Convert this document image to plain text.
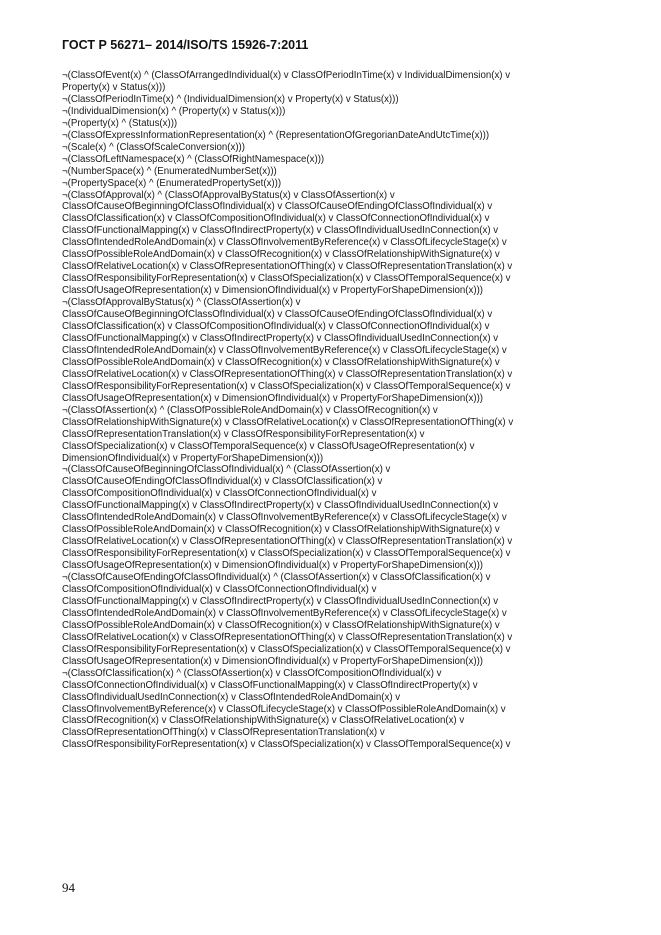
ГОСТ Р 56271– 2014/ISO/TS 15926-7:2011
¬(ClassOfEvent(x) ^ (ClassOfArrangedIndividual(x) v ClassOfPeriodInTime(x) v IndividualDimension(x) v
Property(x) v Status(x)))
¬(ClassOfPeriodInTime(x) ^ (IndividualDimension(x) v Property(x) v Status(x)))
¬(IndividualDimension(x) ^ (Property(x) v Status(x)))
¬(Property(x) ^ (Status(x)))
¬(ClassOfExpressInformationRepresentation(x) ^ (RepresentationOfGregorianDateAndUtcTime(x)))
¬(Scale(x) ^ (ClassOfScaleConversion(x)))
¬(ClassOfLeftNamespace(x) ^ (ClassOfRightNamespace(x)))
¬(NumberSpace(x) ^ (EnumeratedNumberSet(x)))
¬(PropertySpace(x) ^ (EnumeratedPropertySet(x)))
¬(ClassOfApproval(x) ^ (ClassOfApprovalByStatus(x) v ClassOfAssertion(x) v
ClassOfCauseOfBeginningOfClassOfIndividual(x) v ClassOfCauseOfEndingOfClassOfIndividual(x) v
ClassOfClassification(x) v ClassOfCompositionOfIndividual(x) v ClassOfConnectionOfIndividual(x) v
ClassOfFunctionalMapping(x) v ClassOfIndirectProperty(x) v ClassOfIndividualUsedInConnection(x) v
ClassOfIntendedRoleAndDomain(x) v ClassOfInvolvementByReference(x) v ClassOfLifecycleStage(x) v
ClassOfPossibleRoleAndDomain(x) v ClassOfRecognition(x) v ClassOfRelationshipWithSignature(x) v
ClassOfRelativeLocation(x) v ClassOfRepresentationOfThing(x) v ClassOfRepresentationTranslation(x) v
ClassOfResponsibilityForRepresentation(x) v ClassOfSpecialization(x) v ClassOfTemporalSequence(x) v
ClassOfUsageOfRepresentation(x) v DimensionOfIndividual(x) v PropertyForShapeDimension(x)))
¬(ClassOfApprovalByStatus(x) ^ (ClassOfAssertion(x) v
ClassOfCauseOfBeginningOfClassOfIndividual(x) v ClassOfCauseOfEndingOfClassOfIndividual(x) v
ClassOfClassification(x) v ClassOfCompositionOfIndividual(x) v ClassOfConnectionOfIndividual(x) v
ClassOfFunctionalMapping(x) v ClassOfIndirectProperty(x) v ClassOfIndividualUsedInConnection(x) v
ClassOfIntendedRoleAndDomain(x) v ClassOfInvolvementByReference(x) v ClassOfLifecycleStage(x) v
ClassOfPossibleRoleAndDomain(x) v ClassOfRecognition(x) v ClassOfRelationshipWithSignature(x) v
ClassOfRelativeLocation(x) v ClassOfRepresentationOfThing(x) v ClassOfRepresentationTranslation(x) v
ClassOfResponsibilityForRepresentation(x) v ClassOfSpecialization(x) v ClassOfTemporalSequence(x) v
ClassOfUsageOfRepresentation(x) v DimensionOfIndividual(x) v PropertyForShapeDimension(x)))
¬(ClassOfAssertion(x) ^ (ClassOfPossibleRoleAndDomain(x) v ClassOfRecognition(x) v
ClassOfRelationshipWithSignature(x) v ClassOfRelativeLocation(x) v ClassOfRepresentationOfThing(x) v
ClassOfRepresentationTranslation(x) v ClassOfResponsibilityForRepresentation(x) v
ClassOfSpecialization(x) v ClassOfTemporalSequence(x) v ClassOfUsageOfRepresentation(x) v
DimensionOfIndividual(x) v PropertyForShapeDimension(x)))
¬(ClassOfCauseOfBeginningOfClassOfIndividual(x) ^ (ClassOfAssertion(x) v
ClassOfCauseOfEndingOfClassOfIndividual(x) v ClassOfClassification(x) v
ClassOfCompositionOfIndividual(x) v ClassOfConnectionOfIndividual(x) v
ClassOfFunctionalMapping(x) v ClassOfIndirectProperty(x) v ClassOfIndividualUsedInConnection(x) v
ClassOfIntendedRoleAndDomain(x) v ClassOfInvolvementByReference(x) v ClassOfLifecycleStage(x) v
ClassOfPossibleRoleAndDomain(x) v ClassOfRecognition(x) v ClassOfRelationshipWithSignature(x) v
ClassOfRelativeLocation(x) v ClassOfRepresentationOfThing(x) v ClassOfRepresentationTranslation(x) v
ClassOfResponsibilityForRepresentation(x) v ClassOfSpecialization(x) v ClassOfTemporalSequence(x) v
ClassOfUsageOfRepresentation(x) v DimensionOfIndividual(x) v PropertyForShapeDimension(x)))
¬(ClassOfCauseOfEndingOfClassOfIndividual(x) ^ (ClassOfAssertion(x) v ClassOfClassification(x) v
ClassOfCompositionOfIndividual(x) v ClassOfConnectionOfIndividual(x) v
ClassOfFunctionalMapping(x) v ClassOfIndirectProperty(x) v ClassOfIndividualUsedInConnection(x) v
ClassOfIntendedRoleAndDomain(x) v ClassOfInvolvementByReference(x) v ClassOfLifecycleStage(x) v
ClassOfPossibleRoleAndDomain(x) v ClassOfRecognition(x) v ClassOfRelationshipWithSignature(x) v
ClassOfRelativeLocation(x) v ClassOfRepresentationOfThing(x) v ClassOfRepresentationTranslation(x) v
ClassOfResponsibilityForRepresentation(x) v ClassOfSpecialization(x) v ClassOfTemporalSequence(x) v
ClassOfUsageOfRepresentation(x) v DimensionOfIndividual(x) v PropertyForShapeDimension(x)))
¬(ClassOfClassification(x) ^ (ClassOfAssertion(x) v ClassOfCompositionOfIndividual(x) v
ClassOfConnectionOfIndividual(x) v ClassOfFunctionalMapping(x) v ClassOfIndirectProperty(x) v
ClassOfIndividualUsedInConnection(x) v ClassOfIntendedRoleAndDomain(x) v
ClassOfInvolvementByReference(x) v ClassOfLifecycleStage(x) v ClassOfPossibleRoleAndDomain(x) v
ClassOfRecognition(x) v ClassOfRelationshipWithSignature(x) v ClassOfRelativeLocation(x) v
ClassOfRepresentationOfThing(x) v ClassOfRepresentationTranslation(x) v
ClassOfResponsibilityForRepresentation(x) v ClassOfSpecialization(x) v ClassOfTemporalSequence(x) v
94
